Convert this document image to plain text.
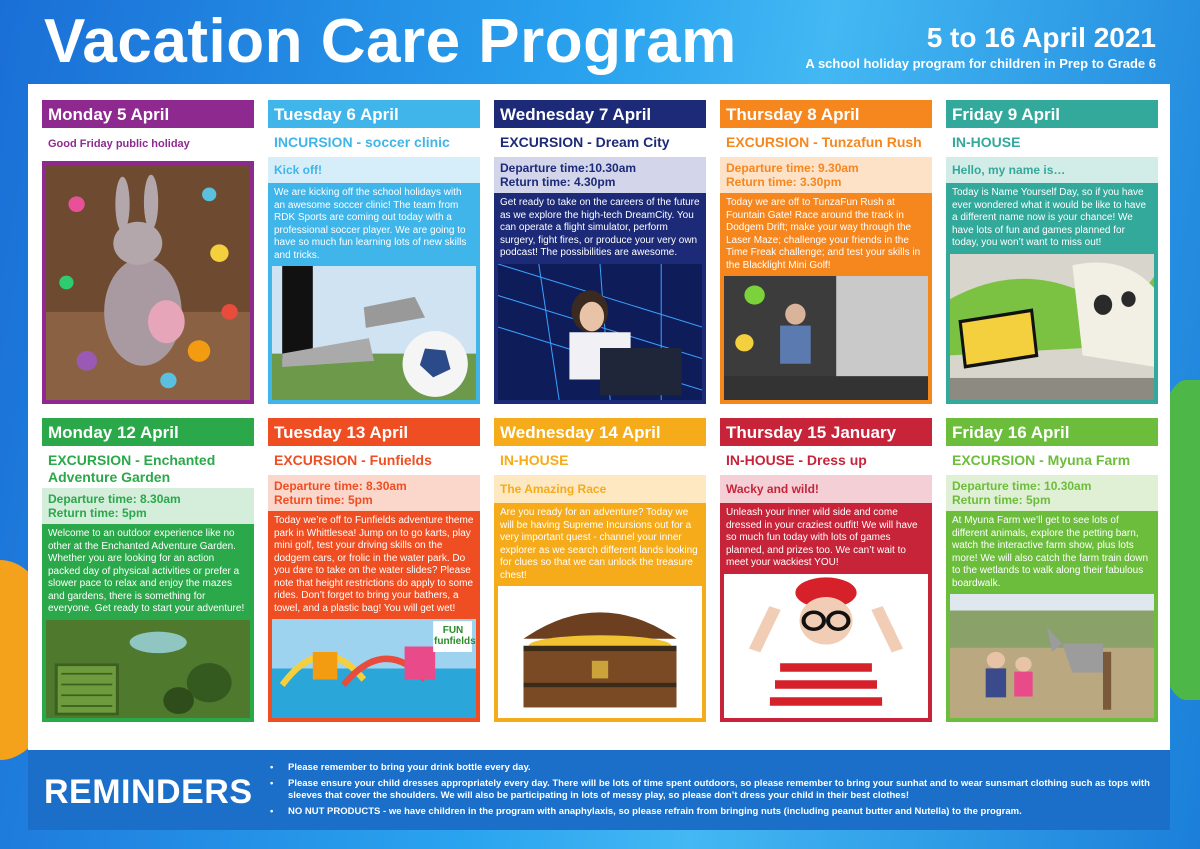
Vacation Care Program	5 to 16 April 2021
A school holiday program for children in Prep to Grade 6
Monday 5 April
Good Friday public holiday
Tuesday 6 April
INCURSION - soccer clinic
Kick off!
We are kicking off the school holidays with an awesome soccer clinic! The team from RDK Sports are coming out today with a professional soccer player. We are going to have so much fun learning lots of new skills and tricks.
Wednesday 7 April
EXCURSION - Dream City
Departure time:10.30am
Return time: 4.30pm
Get ready to take on the careers of the future as we explore the high-tech DreamCity. You can operate a flight simulator, perform surgery, fight fires, or produce your very own podcast! The possibilities are awesome.
Thursday 8 April
EXCURSION - Tunzafun Rush
Departure time: 9.30am
Return time: 3.30pm
Today we are off to TunzaFun Rush at Fountain Gate! Race around the track in Dodgem Drift; make your way through the Laser Maze; challenge your friends in the Time Freak challenge; and test your skills in the Blacklight Mini Golf!
Friday 9 April
IN-HOUSE
Hello, my name is…
Today is Name Yourself Day, so if you have ever wondered what it would be like to have a different name now is your chance! We have lots of fun and games planned for today, you won’t want to miss out!
Monday 12 April
EXCURSION - Enchanted Adventure Garden
Departure time: 8.30am
Return time: 5pm
Welcome to an outdoor experience like no other at the Enchanted Adventure Garden. Whether you are looking for an action packed day of physical activities or prefer a slower pace to relax and enjoy the mazes and gardens, there is something for everyone. Get ready to start your adventure!
Tuesday 13 April
EXCURSION - Funfields
Departure time: 8.30am
Return time: 5pm
Today we’re off to Funfields adventure theme park in Whittlesea! Jump on to go karts, play mini golf, test your driving skills on the dodgem cars, or frolic in the water park. Do you dare to take on the water slides? Please note that height restrictions do apply to some rides. Don’t forget to bring your bathers, a towel, and a plastic bag! You will get wet!
FUN funfields
Wednesday 14 April
IN-HOUSE
The Amazing Race
Are you ready for an adventure? Today we will be having Supreme Incursions out for a very important quest - channel your inner explorer as we search different lands looking for clues so that we can unlock the treasure chest!
Thursday 15 January
IN-HOUSE - Dress up
Wacky and wild!
Unleash your inner wild side and come dressed in your craziest outfit! We will have so much fun today with lots of games planned, and prizes too. We can’t wait to meet your wackiest YOU!
Friday 16 April
EXCURSION - Myuna Farm
Departure time: 10.30am
Return time: 5pm
At Myuna Farm we’ll get to see lots of different animals, explore the petting barn, watch the interactive farm show, plus lots more! We will also catch the farm train down to the wetlands to walk along their fabulous boardwalk.
REMINDERS
• Please remember to bring your drink bottle every day.
• Please ensure your child dresses appropriately every day. There will be lots of time spent outdoors, so please remember to bring your sunhat and to wear sunsmart clothing such as tops with sleeves that cover the shoulders. We will also be participating in lots of messy play, so please don’t dress your child in their best clothes!
• NO NUT PRODUCTS - we have children in the program with anaphylaxis, so please refrain from bringing nuts (including peanut butter and Nutella) to the program.
